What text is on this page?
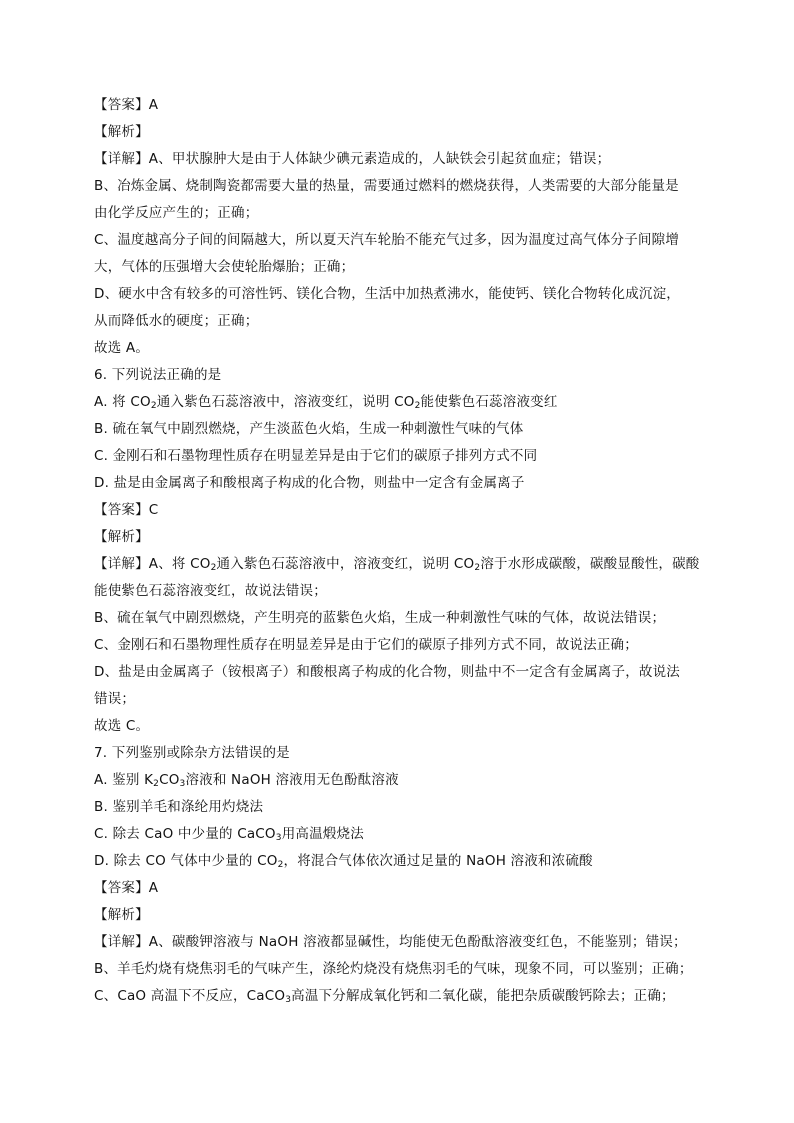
【答案】A
【解析】
【详解】A、甲状腺肿大是由于人体缺少碘元素造成的，人缺铁会引起贫血症；错误；
B、冶炼金属、烧制陶瓷都需要大量的热量，需要通过燃料的燃烧获得，人类需要的大部分能量是
由化学反应产生的；正确；
C、温度越高分子间的间隔越大，所以夏天汽车轮胎不能充气过多，因为温度过高气体分子间隙增
大，气体的压强增大会使轮胎爆胎；正确；
D、硬水中含有较多的可溶性钙、镁化合物，生活中加热煮沸水，能使钙、镁化合物转化成沉淀，
从而降低水的硬度；正确；
故选 A。
6. 下列说法正确的是
A. 将 $CO_2$通入紫色石蕊溶液中，溶液变红，说明 $CO_2$能使紫色石蕊溶液变红
B. 硫在氧气中剧烈燃烧，产生淡蓝色火焰，生成一种刺激性气味的气体
C. 金刚石和石墨物理性质存在明显差异是由于它们的碳原子排列方式不同
D. 盐是由金属离子和酸根离子构成的化合物，则盐中一定含有金属离子
【答案】C
【解析】
【详解】A、将 $CO_2$通入紫色石蕊溶液中，溶液变红，说明 $CO_2$溶于水形成碳酸，碳酸显酸性，碳酸
能使紫色石蕊溶液变红，故说法错误；
B、硫在氧气中剧烈燃烧，产生明亮的蓝紫色火焰，生成一种刺激性气味的气体，故说法错误；
C、金刚石和石墨物理性质存在明显差异是由于它们的碳原子排列方式不同，故说法正确；
D、盐是由金属离子（铵根离子）和酸根离子构成的化合物，则盐中不一定含有金属离子，故说法
错误；
故选 C。
7. 下列鉴别或除杂方法错误的是
A. 鉴别 $K_2CO_3$溶液和 NaOH 溶液用无色酚酞溶液
B. 鉴别羊毛和涤纶用灼烧法
C. 除去 CaO 中少量的 CaCO$_3$用高温煅烧法
D. 除去 CO 气体中少量的 $CO_2$，将混合气体依次通过足量的 NaOH 溶液和浓硫酸
【答案】A
【解析】
【详解】A、碳酸钾溶液与 NaOH 溶液都显碱性，均能使无色酚酞溶液变红色，不能鉴别；错误；
B、羊毛灼烧有烧焦羽毛的气味产生，涤纶灼烧没有烧焦羽毛的气味，现象不同，可以鉴别；正确；
C、CaO 高温下不反应，CaCO$_3$高温下分解成氧化钙和二氧化碳，能把杂质碳酸钙除去；正确；
